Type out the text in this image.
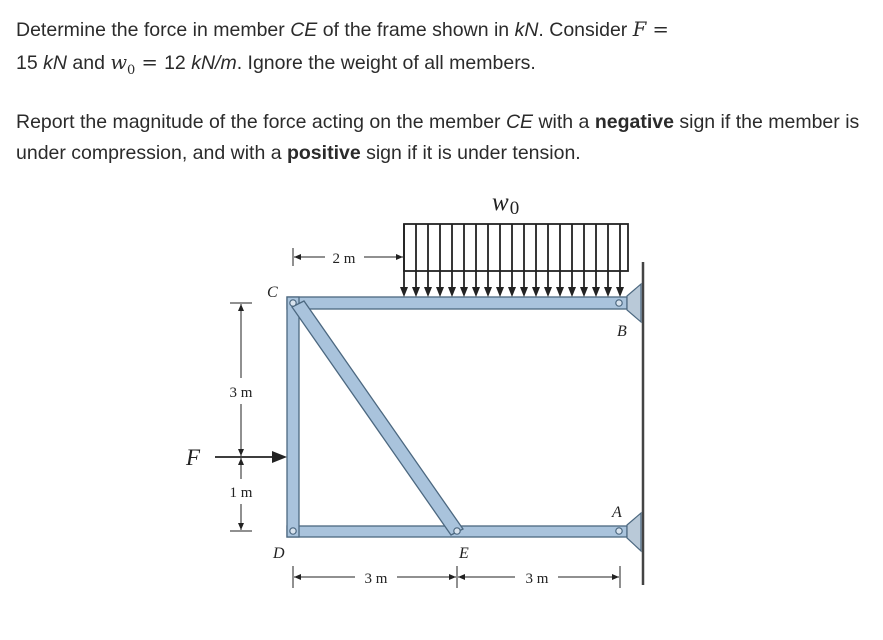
Determine the force in member CE of the frame shown in kN. Consider F =
15 kN and $w_0 = 12$ kN/m. Ignore the weight of all members.

Report the magnitude of the force acting on the member CE with a negative sign if the member is under compression, and with a positive sign if it is under tension.

w0
2 m
3 m
1 m
F
3 m	3 m
C
B
D	E
A
